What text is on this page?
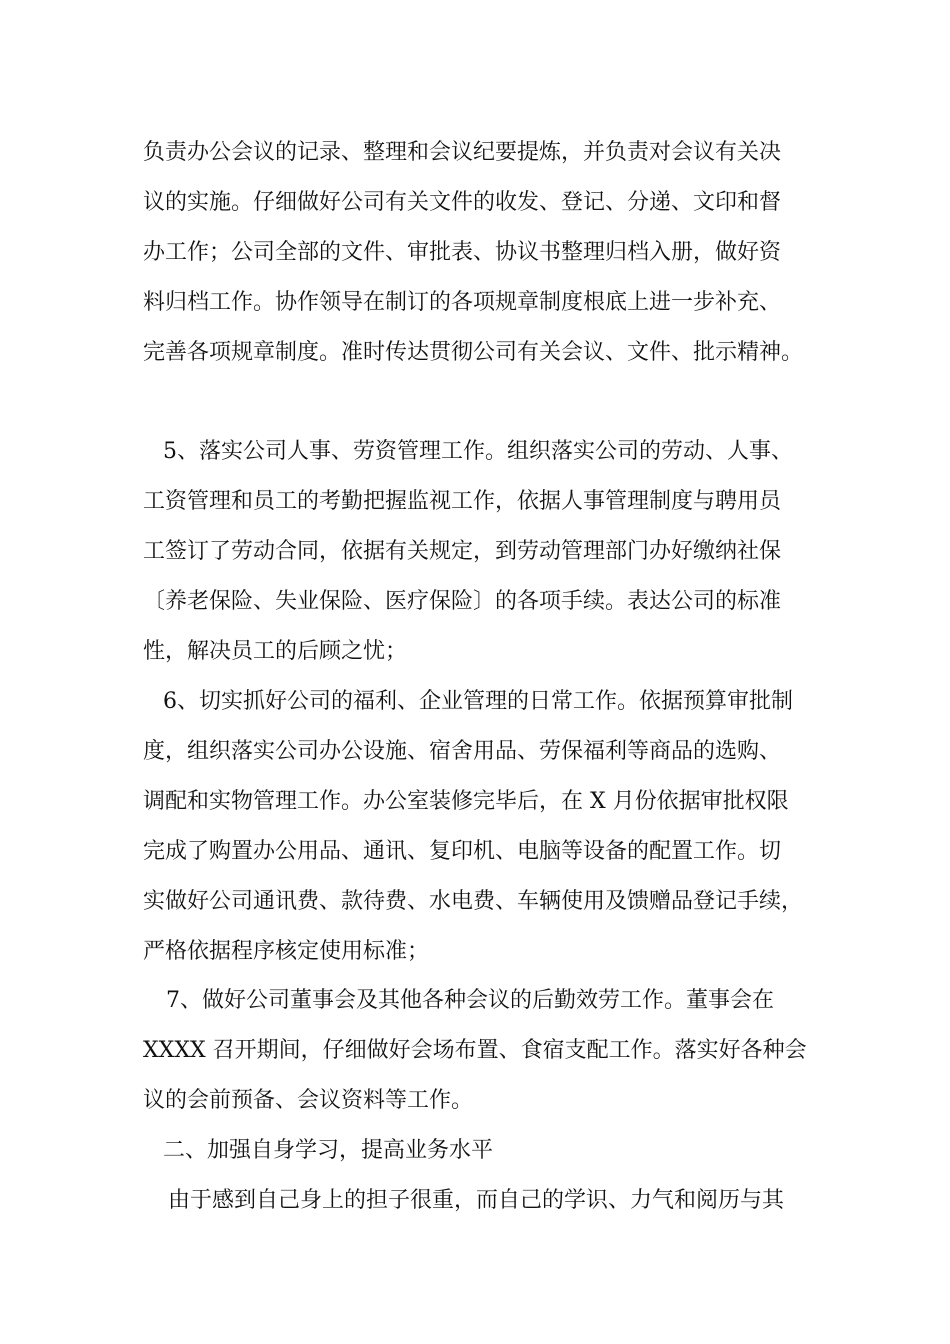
负责办公会议的记录、整理和会议纪要提炼，并负责对会议有关决
议的实施。仔细做好公司有关文件的收发、登记、分递、文印和督
办工作；公司全部的文件、审批表、协议书整理归档入册，做好资
料归档工作。协作领导在制订的各项规章制度根底上进一步补充、
完善各项规章制度。准时传达贯彻公司有关会议、文件、批示精神。
5、落实公司人事、劳资管理工作。组织落实公司的劳动、人事、
工资管理和员工的考勤把握监视工作，依据人事管理制度与聘用员
工签订了劳动合同，依据有关规定，到劳动管理部门办好缴纳社保
〔养老保险、失业保险、医疗保险〕的各项手续。表达公司的标准
性，解决员工的后顾之忧；
6、切实抓好公司的福利、企业管理的日常工作。依据预算审批制
度，组织落实公司办公设施、宿舍用品、劳保福利等商品的选购、
调配和实物管理工作。办公室装修完毕后，在 X 月份依据审批权限
完成了购置办公用品、通讯、复印机、电脑等设备的配置工作。切
实做好公司通讯费、款待费、水电费、车辆使用及馈赠品登记手续，
严格依据程序核定使用标准；
7、做好公司董事会及其他各种会议的后勤效劳工作。董事会在
XXXX 召开期间，仔细做好会场布置、食宿支配工作。落实好各种会
议的会前预备、会议资料等工作。
二、加强自身学习，提高业务水平
由于感到自己身上的担子很重，而自己的学识、力气和阅历与其
